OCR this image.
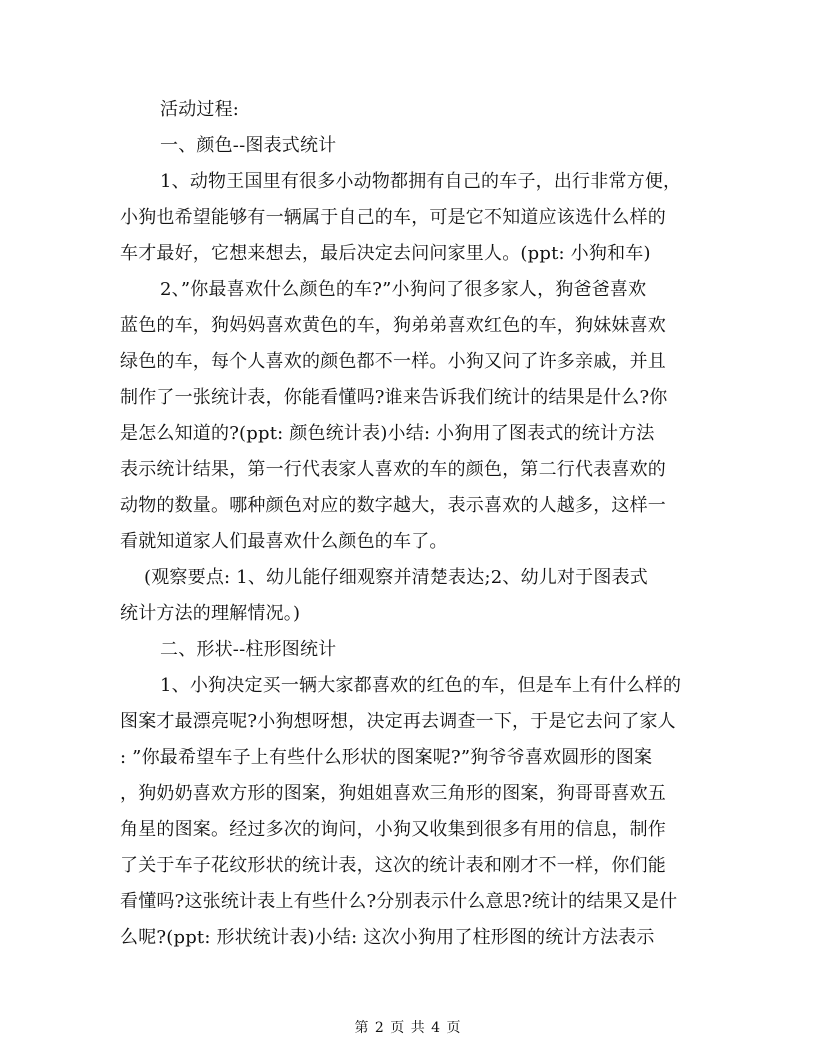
活动过程:
一、颜色--图表式统计
1、动物王国里有很多小动物都拥有自己的车子，出行非常方便，
小狗也希望能够有一辆属于自己的车，可是它不知道应该选什么样的
车才最好，它想来想去，最后决定去问问家里人。(ppt: 小狗和车)
2、”你最喜欢什么颜色的车?”小狗问了很多家人，狗爸爸喜欢
蓝色的车，狗妈妈喜欢黄色的车，狗弟弟喜欢红色的车，狗妹妹喜欢
绿色的车，每个人喜欢的颜色都不一样。小狗又问了许多亲戚，并且
制作了一张统计表，你能看懂吗?谁来告诉我们统计的结果是什么?你
是怎么知道的?(ppt: 颜色统计表)小结: 小狗用了图表式的统计方法
表示统计结果，第一行代表家人喜欢的车的颜色，第二行代表喜欢的
动物的数量。哪种颜色对应的数字越大，表示喜欢的人越多，这样一
看就知道家人们最喜欢什么颜色的车了。
(观察要点: 1、幼儿能仔细观察并清楚表达;2、幼儿对于图表式
统计方法的理解情况。)
二、形状--柱形图统计
1、小狗决定买一辆大家都喜欢的红色的车，但是车上有什么样的
图案才最漂亮呢?小狗想呀想，决定再去调查一下，于是它去问了家人
: ”你最希望车子上有些什么形状的图案呢?”狗爷爷喜欢圆形的图案
，狗奶奶喜欢方形的图案，狗姐姐喜欢三角形的图案，狗哥哥喜欢五
角星的图案。经过多次的询问，小狗又收集到很多有用的信息，制作
了关于车子花纹形状的统计表，这次的统计表和刚才不一样，你们能
看懂吗?这张统计表上有些什么?分别表示什么意思?统计的结果又是什
么呢?(ppt: 形状统计表)小结: 这次小狗用了柱形图的统计方法表示
第 2 页 共 4 页
